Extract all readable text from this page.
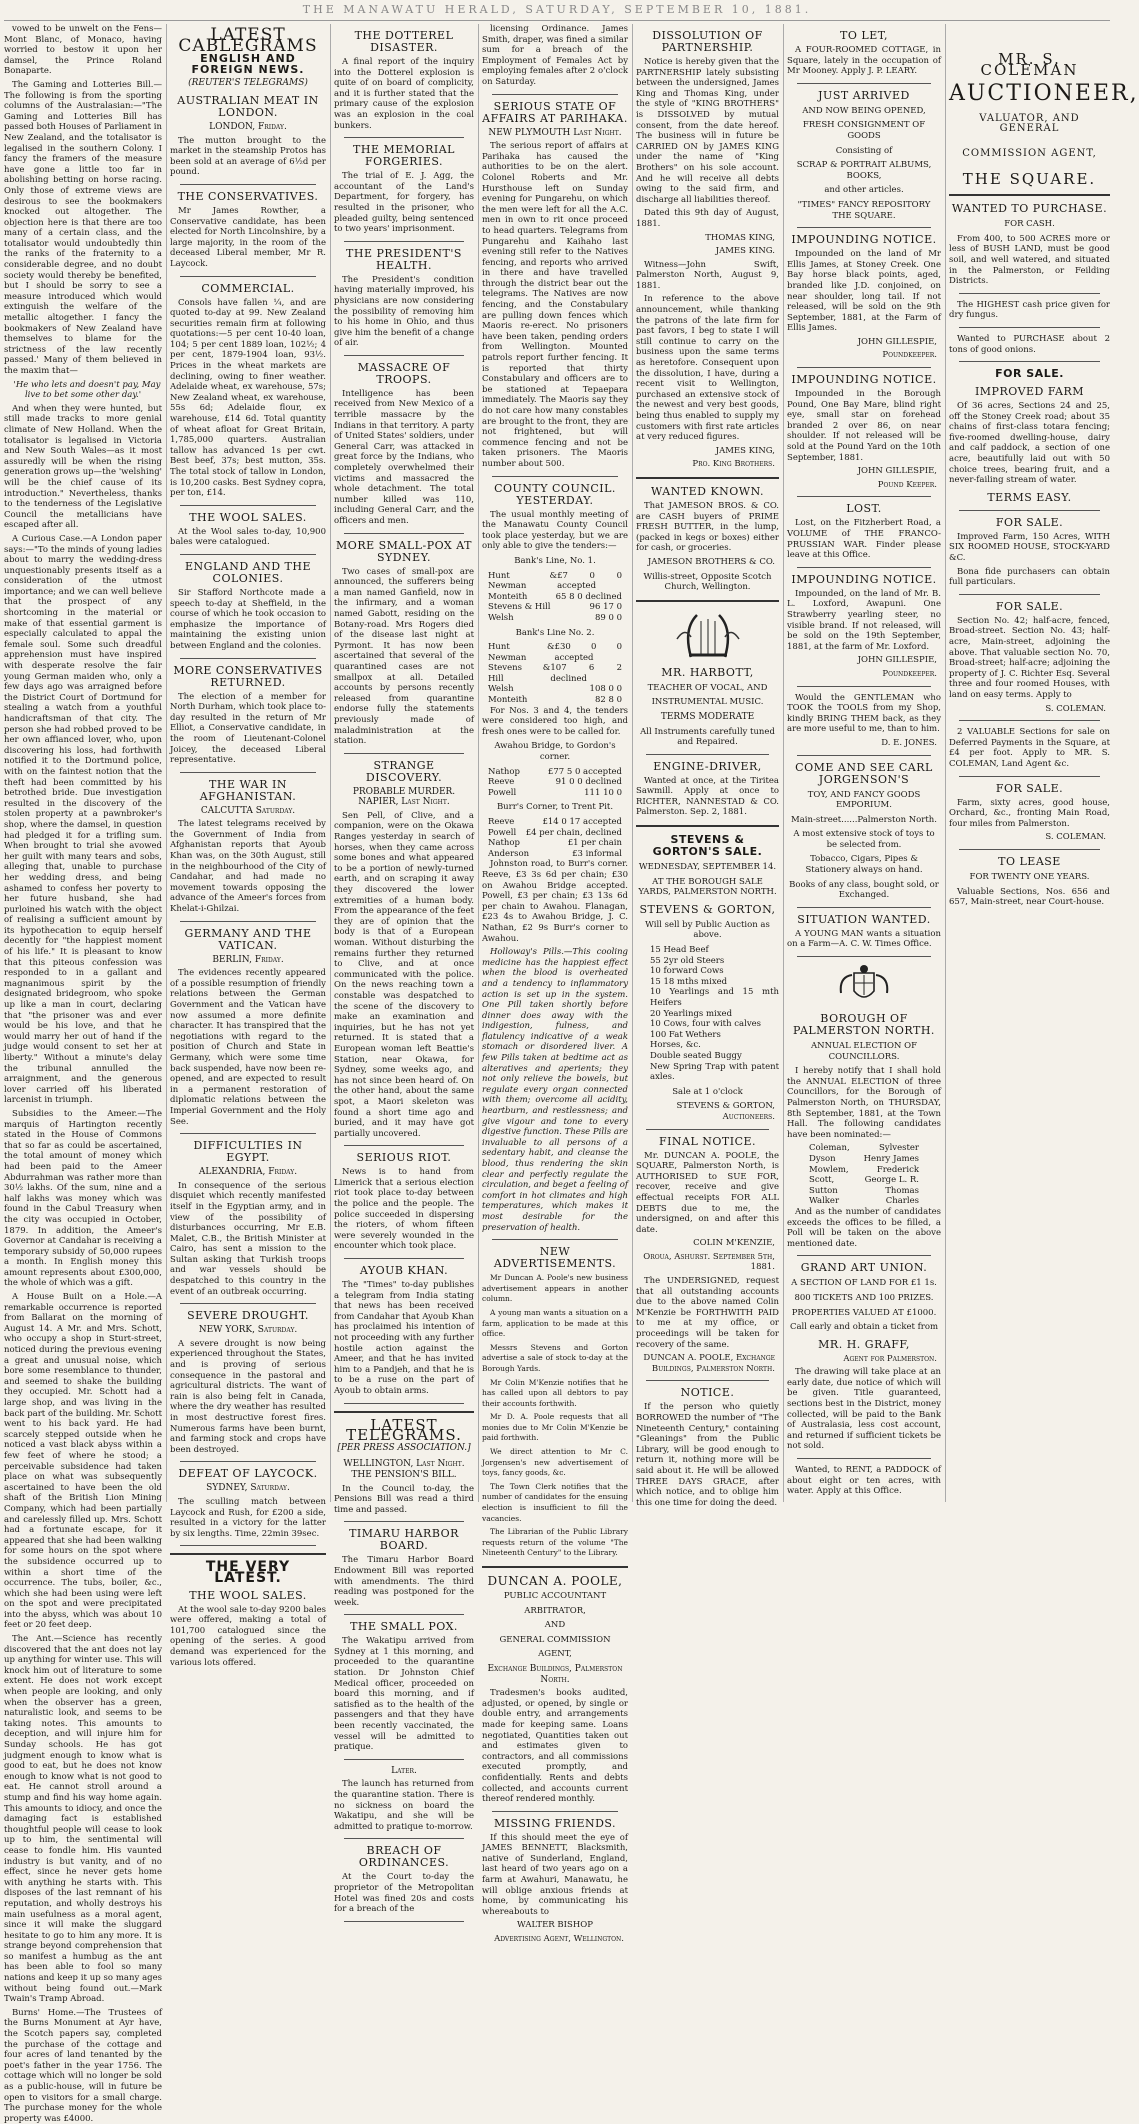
THE MANAWATU HERALD, SATURDAY, SEPTEMBER 10, 1881.

vowed to be unwelt on the Fens—Mont Blanc, of Monaco, having worried to bestow it upon her damsel, the Prince Roland Bonaparte.

The Gaming and Lotteries Bill.—The following is from the sporting columns of the Australasian:—"The Gaming and Lotteries Bill has passed both Houses of Parliament in New Zealand, and the totalisator is legalised in the southern Colony. I fancy the framers of the measure have gone a little too far in abolishing betting on horse racing. Only those of extreme views are desirous to see the bookmakers knocked out altogether. The objection here is that there are too many of a certain class, and the totalisator would undoubtedly thin the ranks of the fraternity to a considerable degree, and no doubt society would thereby be benefited, but I should be sorry to see a measure introduced which would extinguish the welfare of the metallic altogether. I fancy the bookmakers of New Zealand have themselves to blame for the strictness of the law recently passed.' Many of them believed in the maxim that—

'He who lets and doesn't pay, May live to bet some other day.'

And when they were hunted, but still made tracks to more genial climate of New Holland. When the totalisator is legalised in Victoria and New South Wales—as it most assuredly will be when the rising generation grows up—the 'welshing' will be the chief cause of its introduction." Nevertheless, thanks to the tenderness of the Legislative Council the metallicians have escaped after all.

A Curious Case.—A London paper says:—"To the minds of young ladies about to marry the wedding-dress unquestionably presents itself as a consideration of the utmost importance; and we can well believe that the prospect of any shortcoming in the material or make of that essential garment is especially calculated to appal the female soul. Some such dreadful apprehension must have inspired with desperate resolve the fair young German maiden who, only a few days ago was arraigned before the District Court of Dortmund for stealing a watch from a youthful handicraftsman of that city. The person she had robbed proved to be her own affianced lover, who, upon discovering his loss, had forthwith notified it to the Dortmund police, with on the faintest notion that the theft had been committed by his betrothed bride. Due investigation resulted in the discovery of the stolen property at a pawnbroker's shop, where the damsel, in question had pledged it for a trifling sum. When brought to trial she avowed her guilt with many tears and sobs, alleging that, unable to purchase her wedding dress, and being ashamed to confess her poverty to her future husband, she had purloined his watch with the object of realising a sufficient amount by its hypothecation to equip herself decently for "the happiest moment of his life." It is pleasant to know that this piteous confession was responded to in a gallant and magnanimous spirit by the designated bridegroom, who spoke up like a man in court, declaring that "the prisoner was and ever would be his love, and that he would marry her out of hand if the judge would consent to set her at liberty." Without a minute's delay the tribunal annulled the arraignment, and the generous lover carried off his liberated larcenist in triumph.

Subsidies to the Ameer.—The marquis of Hartington recently stated in the House of Commons that so far as could be ascertained, the total amount of money which had been paid to the Ameer Abdurrahman was rather more than 30½ lakhs. Of the sum, nine and a half lakhs was money which was found in the Cabul Treasury when the city was occupied in October, 1879. In addition, the Ameer's Governor at Candahar is receiving a temporary subsidy of 50,000 rupees a month. In English money this amount represents about £300,000, the whole of which was a gift.

A House Built on a Hole.—A remarkable occurrence is reported from Ballarat on the morning of August 14. A Mr. and Mrs. Schott, who occupy a shop in Sturt-street, noticed during the previous evening a great and unusual noise, which bore some resemblance to thunder, and seemed to shake the building they occupied. Mr. Schott had a large shop, and was living in the back part of the building. Mr. Schott went to his back yard. He had scarcely stepped outside when he noticed a vast black abyss within a few feet of where he stood; a perceivable subsidence had taken place on what was subsequently ascertained to have been the old shaft of the British Lion Mining Company, which had been partially and carelessly filled up. Mrs. Schott had a fortunate escape, for it appeared that she had been walking for some hours on the spot where the subsidence occurred up to within a short time of the occurrence. The tubs, boiler, &c., which she had been using were left on the spot and were precipitated into the abyss, which was about 10 feet or 20 feet deep.

The Ant.—Science has recently discovered that the ant does not lay up anything for winter use. This will knock him out of literature to some extent. He does not work except when people are looking, and only when the observer has a green, naturalistic look, and seems to be taking notes. This amounts to deception, and will injure him for Sunday schools. He has got judgment enough to know what is good to eat, but he does not know enough to know what is not good to eat. He cannot stroll around a stump and find his way home again. This amounts to idiocy, and once the damaging fact is established thoughtful people will cease to look up to him, the sentimental will cease to fondle him. His vaunted industry is but vanity, and of no effect, since he never gets home with anything he starts with. This disposes of the last remnant of his reputation, and wholly destroys his main usefulness as a moral agent, since it will make the sluggard hesitate to go to him any more. It is strange beyond comprehension that so manifest a humbug as the ant has been able to fool so many nations and keep it up so many ages without being found out.—Mark Twain's Tramp Abroad.

Burns' Home.—The Trustees of the Burns Monument at Ayr have, the Scotch papers say, completed the purchase of the cottage and four acres of land tenanted by the poet's father in the year 1756. The cottage which will no longer be sold as a public-house, will in future be open to visitors for a small charge. The purchase money for the whole property was £4000.

LATEST CABLEGRAMS
ENGLISH AND FOREIGN NEWS.
(REUTER'S TELEGRAMS)
AUSTRALIAN MEAT IN LONDON.
LONDON, Friday.

The mutton brought to the market in the steamship Protos has been sold at an average of 6½d per pound.

THE CONSERVATIVES.

Mr James Rowther, a Conservative candidate, has been elected for North Lincolnshire, by a large majority, in the room of the deceased Liberal member, Mr R. Laycock.

COMMERCIAL.

Consols have fallen ¼, and are quoted to-day at 99. New Zealand securities remain firm at following quotations:—5 per cent 10-40 loan, 104; 5 per cent 1889 loan, 102½; 4 per cent, 1879-1904 loan, 93½. Prices in the wheat markets are declining, owing to finer weather. Adelaide wheat, ex warehouse, 57s; New Zealand wheat, ex warehouse, 55s 6d; Adelaide flour, ex warehouse, £14 6d. Total quantity of wheat afloat for Great Britain, 1,785,000 quarters. Australian tallow has advanced 1s per cwt. Best beef, 37s; best mutton, 35s. The total stock of tallow in London, is 10,200 casks. Best Sydney copra, per ton, £14.

THE WOOL SALES.

At the Wool sales to-day, 10,900 bales were catalogued.

ENGLAND AND THE COLONIES.

Sir Stafford Northcote made a speech to-day at Sheffield, in the course of which he took occasion to emphasize the importance of maintaining the existing union between England and the colonies.

MORE CONSERVATIVES RETURNED.

The election of a member for North Durham, which took place to-day resulted in the return of Mr Elliot, a Conservative candidate, in the room of Lieutenant-Colonel Joicey, the deceased Liberal representative.

THE WAR IN AFGHANISTAN.
CALCUTTA Saturday.

The latest telegrams received by the Government of India from Afghanistan reports that Ayoub Khan was, on the 30th August, still in the neighbourhood of the City of Candahar, and had made no movement towards opposing the advance of the Ameer's forces from Khelat-i-Ghilzai.

GERMANY AND THE VATICAN.
BERLIN, Friday.

The evidences recently appeared of a possible resumption of friendly relations between the German Government and the Vatican have now assumed a more definite character. It has transpired that the negotiations with regard to the position of Church and State in Germany, which were some time back suspended, have now been re-opened, and are expected to result in a permanent restoration of diplomatic relations between the Imperial Government and the Holy See.

DIFFICULTIES IN EGYPT.
ALEXANDRIA, Friday.

In consequence of the serious disquiet which recently manifested itself in the Egyptian army, and in view of the possibility of disturbances occurring, Mr E.B. Malet, C.B., the British Minister at Cairo, has sent a mission to the Sultan asking that Turkish troops and war vessels should be despatched to this country in the event of an outbreak occurring.

SEVERE DROUGHT.
NEW YORK, Saturday.

A severe drought is now being experienced throughout the States, and is proving of serious consequence in the pastoral and agricultural districts. The want of rain is also being felt in Canada, where the dry weather has resulted in most destructive forest fires. Numerous farms have been burnt, and farming stock and crops have been destroyed.

DEFEAT OF LAYCOCK.
SYDNEY, Saturday.

The sculling match between Laycock and Rush, for £200 a side, resulted in a victory for the latter by six lengths. Time, 22min 39sec.

THE VERY LATEST.
THE WOOL SALES.

At the wool sale to-day 9200 bales were offered, making a total of 101,700 catalogued since the opening of the series. A good demand was experienced for the various lots offered.

THE DOTTEREL DISASTER.

A final report of the inquiry into the Dotterel explosion is quite of on board of complicity, and it is further stated that the primary cause of the explosion was an explosion in the coal bunkers.

THE MEMORIAL FORGERIES.

The trial of E. J. Agg, the accountant of the Land's Department, for forgery, has resulted in the prisoner, who pleaded guilty, being sentenced to two years' imprisonment.

THE PRESIDENT'S HEALTH.

The President's condition having materially improved, his physicians are now considering the possibility of removing him to his home in Ohio, and thus give him the benefit of a change of air.

MASSACRE OF TROOPS.

Intelligence has been received from New Mexico of a terrible massacre by the Indians in that territory. A party of United States' soldiers, under General Carr, was attacked in great force by the Indians, who completely overwhelmed their victims and massacred the whole detachment. The total number killed was 110, including General Carr, and the officers and men.

MORE SMALL-POX AT SYDNEY.

Two cases of small-pox are announced, the sufferers being a man named Ganfield, now in the infirmary, and a woman named Gabott, residing on the Botany-road. Mrs Rogers died of the disease last night at Pyrmont. It has now been ascertained that several of the quarantined cases are not smallpox at all. Detailed accounts by persons recently released from quarantine endorse fully the statements previously made of maladministration at the station.

STRANGE DISCOVERY.
PROBABLE MURDER. NAPIER, Last Night.

Sen Pell, of Clive, and a companion, were on the Okawa Ranges yesterday in search of horses, when they came across some bones and what appeared to be a portion of newly-turned earth, and on scraping it away they discovered the lower extremities of a human body. From the appearance of the feet they are of opinion that the body is that of a European woman. Without disturbing the remains further they returned to Clive, and at once communicated with the police. On the news reaching town a constable was despatched to the scene of the discovery to make an examination and inquiries, but he has not yet returned. It is stated that a European woman left Beattie's Station, near Okawa, for Sydney, some weeks ago, and has not since been heard of. On the other hand, about the same spot, a Maori skeleton was found a short time ago and buried, and it may have got partially uncovered.

SERIOUS RIOT.

News is to hand from Limerick that a serious election riot took place to-day between the police and the people. The police succeeded in dispersing the rioters, of whom fifteen were severely wounded in the encounter which took place.

AYOUB KHAN.

The "Times" to-day publishes a telegram from India stating that news has been received from Candahar that Ayoub Khan has proclaimed his intention of not proceeding with any further hostile action against the Ameer, and that he has invited him to a Pandjeh, and that he is to be a ruse on the part of Ayoub to obtain arms.

LATEST TELEGRAMS.
[PER PRESS ASSOCIATION.]
WELLINGTON, Last Night. THE PENSION'S BILL.

In the Council to-day, the Pensions Bill was read a third time and passed.

TIMARU HARBOR BOARD.

The Timaru Harbor Board Endowment Bill was reported with amendments. The third reading was postponed for the week.

THE SMALL POX.

The Wakatipu arrived from Sydney at 1 this morning, and proceeded to the quarantine station. Dr Johnston Chief Medical officer, proceeded on board this morning, and if satisfied as to the health of the passengers and that they have been recently vaccinated, the vessel will be admitted to pratique.

Later.

The launch has returned from the quarantine station. There is no sickness on board the Wakatipu, and she will be admitted to pratique to-morrow.

BREACH OF ORDINANCES.

At the Court to-day the proprietor of the Metropolitan Hotel was fined 20s and costs for a breach of the

licensing Ordinance. James Smith, draper, was fined a similar sum for a breach of the Employment of Females Act by employing females after 2 o'clock on Saturday.

SERIOUS STATE OF AFFAIRS AT PARIHAKA.
NEW PLYMOUTH Last Night.

The serious report of affairs at Parihaka has caused the authorities to be on the alert. Colonel Roberts and Mr. Hursthouse left on Sunday evening for Pungarehu, on which the men were left for all the A.C. men in own to rit once proceed to head quarters. Telegrams from Pungarehu and Kaihaho last evening still refer to the Natives fencing, and reports who arrived in there and have travelled through the district bear out the telegrams. The Natives are now fencing, and the Constabulary are pulling down fences which Maoris re-erect. No prisoners have been taken, pending orders from Wellington. Mounted patrols report further fencing. It is reported that thirty Constabulary and officers are to be stationed at Tepaepara immediately. The Maoris say they do not care how many constables are brought to the front, they are not frightened, but will commence fencing and not be taken prisoners. The Maoris number about 500.

COUNTY COUNCIL. YESTERDAY.

The usual monthly meeting of the Manawatu County Council took place yesterday, but we are only able to give the tenders:—

Bank's Line, No. 1.
Hunt & Newman
£7 0 0 accepted
Monteith	65 8 0 declined
Stevens & Hill	96 17 0
Welsh	89 0 0
Bank's Line No. 2.
Hunt & Newman
£30 0 0 accepted
Stevens & Hill
107 6 2 declined
Welsh	108 0 0
Monteith	82 8 0

For Nos. 3 and 4, the tenders were considered too high, and fresh ones were to be called for.

Awahou Bridge, to Gordon's corner.
Nathop	£77 5 0 accepted
Reeve	91 0 0 declined
Powell	111 10 0
Burr's Corner, to Trent Pit.
Reeve	£14 0 17 accepted
Powell £4 per chain, declined
Nathop	£1 per chain
Anderson	£3 informal

Johnston road, to Burr's corner. Reeve, £3 3s 6d per chain; £30 on Awahou Bridge accepted. Powell, £3 per chain; £3 13s 6d per chain to Awahou. Flanagan, £23 4s to Awahou Bridge, J. C. Nathan, £2 9s Burr's corner to Awahou.

Holloway's Pills.—This cooling medicine has the happiest effect when the blood is overheated and a tendency to inflammatory action is set up in the system. One Pill taken shortly before dinner does away with the indigestion, fulness, and flatulency indicative of a weak stomach or disordered liver. A few Pills taken at bedtime act as alteratives and aperients; they not only relieve the bowels, but regulate every organ connected with them; overcome all acidity, heartburn, and restlessness; and give vigour and tone to every digestive function. These Pills are invaluable to all persons of a sedentary habit, and cleanse the blood, thus rendering the skin clear and perfectly regulate the circulation, and beget a feeling of comfort in hot climates and high temperatures, which makes it most desirable for the preservation of health.

NEW ADVERTISEMENTS.

Mr Duncan A. Poole's new business advertisement appears in another column.

A young man wants a situation on a farm, application to be made at this office.

Messrs Stevens and Gorton advertise a sale of stock to-day at the Borough Yards.

Mr Colin M'Kenzie notifies that he has called upon all debtors to pay their accounts forthwith.

Mr D. A. Poole requests that all monies due to Mr Colin M'Kenzie be paid forthwith.

We direct attention to Mr C. Jorgensen's new advertisement of toys, fancy goods, &c.

The Town Clerk notifies that the number of candidates for the ensuing election is insufficient to fill the vacancies.

The Librarian of the Public Library requests return of the volume "The Nineteenth Century" to the Library.

DUNCAN A. POOLE,
PUBLIC ACCOUNTANT
ARBITRATOR,
AND
GENERAL COMMISSION
AGENT,
Exchange Buildings, Palmerston North.

Tradesmen's books audited, adjusted, or opened, by single or double entry, and arrangements made for keeping same. Loans negotiated, Quantities taken out and estimates given to contractors, and all commissions executed promptly, and confidentially. Rents and debts collected, and accounts current thereof rendered monthly.

MISSING FRIENDS.

If this should meet the eye of JAMES BENNETT, Blacksmith, native of Sunderland, England, last heard of two years ago on a farm at Awahuri, Manawatu, he will oblige anxious friends at home, by communicating his whereabouts to

WALTER BISHOP
Advertising Agent, Wellington.
DISSOLUTION OF PARTNERSHIP.

Notice is hereby given that the PARTNERSHIP lately subsisting between the undersigned, James King and Thomas King, under the style of "KING BROTHERS" is DISSOLVED by mutual consent, from the date hereof. The business will in future be CARRIED ON by JAMES KING under the name of "King Brothers" on his sole account. And he will receive all debts owing to the said firm, and discharge all liabilities thereof.

Dated this 9th day of August, 1881.

THOMAS KING,
JAMES KING.

Witness—John Swift, Palmerston North, August 9, 1881.

In reference to the above announcement, while thanking the patrons of the late firm for past favors, I beg to state I will still continue to carry on the business upon the same terms as heretofore. Consequent upon the dissolution, I have, during a recent visit to Wellington, purchased an extensive stock of the newest and very best goods, being thus enabled to supply my customers with first rate articles at very reduced figures.

JAMES KING,
Pro. King Brothers.
WANTED KNOWN.

That JAMESON BROS. & CO. are CASH buyers of PRIME FRESH BUTTER, in the lump, (packed in kegs or boxes) either for cash, or groceries.

JAMESON BROTHERS & CO.
Willis-street, Opposite Scotch Church, Wellington.
MR. HARBOTT,
TEACHER OF VOCAL, AND
INSTRUMENTAL MUSIC.
TERMS MODERATE
All Instruments carefully tuned and Repaired.
ENGINE-DRIVER,

Wanted at once, at the Tiritea Sawmill. Apply at once to RICHTER, NANNESTAD & CO. Palmerston. Sep. 2, 1881.

STEVENS & GORTON'S SALE.
WEDNESDAY, SEPTEMBER 14.
AT THE BOROUGH SALE YARDS, PALMERSTON NORTH.
STEVENS & GORTON,
Will sell by Public Auction as above.
15 Head Beef
55 2yr old Steers
10 forward Cows
15 18 mths mixed
10 Yearlings and 15 mth Heifers
20 Yearlings mixed
10 Cows, four with calves
100 Fat Wethers
Horses, &c.
Double seated Buggy
New Spring Trap with patent axles.
Sale at 1 o'clock
STEVENS & GORTON, Auctioneers.
FINAL NOTICE.

Mr. DUNCAN A. POOLE, the SQUARE, Palmerston North, is AUTHORISED to SUE FOR, recover, receive and give effectual receipts FOR ALL DEBTS due to me, the undersigned, on and after this date.

COLIN M'KENZIE,
Oroua, Ashurst. September 5th, 1881.

The UNDERSIGNED, request that all outstanding accounts due to the above named Colin M'Kenzie be FORTHWITH PAID to me at my office, or proceedings will be taken for recovery of the same.

DUNCAN A. POOLE, Exchange Buildings, Palmerston North.
NOTICE.

If the person who quietly BORROWED the number of "The Nineteenth Century," containing "Gleanings" from the Public Library, will be good enough to return it, nothing more will be said about it. He will be allowed THREE DAYS GRACE, after which notice, and to oblige him this one time for doing the deed.

TO LET,

A FOUR-ROOMED COTTAGE, in Square, lately in the occupation of Mr Mooney. Apply J. P. LEARY.

JUST ARRIVED
AND NOW BEING OPENED,
FRESH CONSIGNMENT OF GOODS
Consisting of
SCRAP & PORTRAIT ALBUMS, BOOKS,
and other articles.
"TIMES" FANCY REPOSITORY THE SQUARE.
IMPOUNDING NOTICE.

Impounded on the land of Mr Ellis James, at Stoney Creek. One Bay horse black points, aged, branded like J.D. conjoined, on near shoulder, long tail. If not released, will be sold on the 9th September, 1881, at the Farm of Ellis James.

JOHN GILLESPIE,
Poundkeeper.
IMPOUNDING NOTICE.

Impounded in the Borough Pound, One Bay Mare, blind right eye, small star on forehead branded 2 over 86, on near shoulder. If not released will be sold at the Pound Yard on the 10th September, 1881.

JOHN GILLESPIE,
Pound Keeper.
LOST.

Lost, on the Fitzherbert Road, a VOLUME of THE FRANCO-PRUSSIAN WAR. Finder please leave at this Office.

IMPOUNDING NOTICE.

Impounded, on the land of Mr. B. L. Loxford, Awapuni. One Strawberry yearling steer, no visible brand. If not released, will be sold on the 19th September, 1881, at the farm of Mr. Loxford.

JOHN GILLESPIE,
Poundkeeper.

Would the GENTLEMAN who TOOK the TOOLS from my Shop, kindly BRING THEM back, as they are more useful to me, than to him.

D. E. JONES.
COME AND SEE CARL JORGENSON'S
TOY, AND FANCY GOODS EMPORIUM.
Main-street......Palmerston North.
A most extensive stock of toys to be selected from.
Tobacco, Cigars, Pipes & Stationery always on hand.
Books of any class, bought sold, or Exchanged.
SITUATION WANTED.

A YOUNG MAN wants a situation on a Farm—A. C. W. Times Office.

BOROUGH OF PALMERSTON NORTH.
ANNUAL ELECTION OF COUNCILLORS.

I hereby notify that I shall hold the ANNUAL ELECTION of three Councillors, for the Borough of Palmerston North, on THURSDAY, 8th September, 1881, at the Town Hall. The following candidates have been nominated:—

Coleman,	Sylvester
Dyson	Henry James
Mowlem,	Frederick
Scott,	George L. R.
Sutton	Thomas
Walker	Charles

And as the number of candidates exceeds the offices to be filled, a Poll will be taken on the above mentioned date.

GRAND ART UNION.
A SECTION OF LAND FOR £1 1s.
800 TICKETS AND 100 PRIZES.
PROPERTIES VALUED AT £1000.
Call early and obtain a ticket from
MR. H. GRAFF,
Agent for Palmerston.

The drawing will take place at an early date, due notice of which will be given. Title guaranteed, sections best in the District, money collected, will be paid to the Bank of Australasia, less cost account, and returned if sufficient tickets be not sold.

Wanted, to RENT, a PADDOCK of about eight or ten acres, with water. Apply at this Office.

MR. S. COLEMAN
AUCTIONEER,
VALUATOR, AND GENERAL
COMMISSION AGENT,
THE SQUARE.
WANTED TO PURCHASE.
FOR CASH.

From 400, to 500 ACRES more or less of BUSH LAND, must be good soil, and well watered, and situated in the Palmerston, or Feilding Districts.

The HIGHEST cash price given for dry fungus.

Wanted to PURCHASE about 2 tons of good onions.

FOR SALE.
IMPROVED FARM

Of 36 acres, Sections 24 and 25, off the Stoney Creek road; about 35 chains of first-class totara fencing; five-roomed dwelling-house, dairy and calf paddock, a section of one acre, beautifully laid out with 50 choice trees, bearing fruit, and a never-failing stream of water.

TERMS EASY.
FOR SALE.

Improved Farm, 150 Acres, WITH SIX ROOMED HOUSE, STOCK-YARD &C.

Bona fide purchasers can obtain full particulars.

FOR SALE.

Section No. 42; half-acre, fenced, Broad-street. Section No. 43; half-acre, Main-street, adjoining the above. That valuable section No. 70, Broad-street; half-acre; adjoining the property of J. C. Richter Esq. Several three and four roomed Houses, with land on easy terms. Apply to

S. COLEMAN.

2 VALUABLE Sections for sale on Deferred Payments in the Square, at £4 per foot. Apply to MR. S. COLEMAN, Land Agent &c.

FOR SALE.

Farm, sixty acres, good house, Orchard, &c., fronting Main Road, four miles from Palmerston.

S. COLEMAN.
TO LEASE
FOR TWENTY ONE YEARS.

Valuable Sections, Nos. 656 and 657, Main-street, near Court-house.
